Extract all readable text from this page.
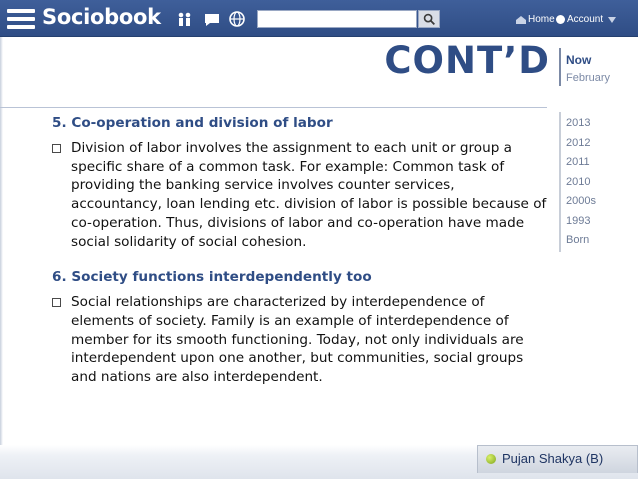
Sociobook	Home Account
CONT’D Now
February
2013
2012
2011
2010
2000s
1993
Born
5. Co-operation and division of labor
Division of labor involves the assignment to each unit or group a specific share of a common task. For example: Common task of providing the banking service involves counter services, accountancy, loan lending etc. division of labor is possible because of co-operation. Thus, divisions of labor and co-operation have made social solidarity of social cohesion.
6. Society functions interdependently too
Social relationships are characterized by interdependence of elements of society. Family is an example of interdependence of member for its smooth functioning. Today, not only individuals are interdependent upon one another, but communities, social groups and nations are also interdependent.
Pujan Shakya (B)
